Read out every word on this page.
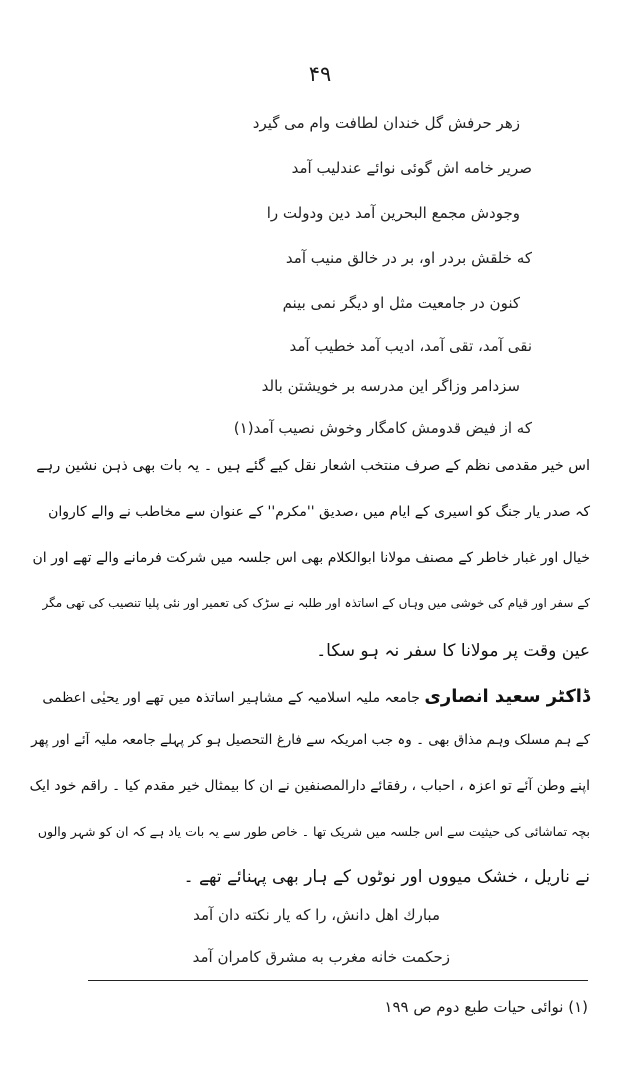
۴۹
زهر حرفش گل خندان لطافت وام می گیرد
صریر خامه اش گوئی نوائے عندلیب آمد
وجودش مجمع البحرین آمد دین ودولت را
که خلقش بردر او، بر در خالق منیب آمد
کنون در جامعیت مثل او دیگر نمی بینم
نقی آمد، تقی آمد، ادیب آمد خطیب آمد
سزدامر وزاگر این مدرسه بر خویشتن بالد
که از فیض قدومش کامگار وخوش نصیب آمد(۱)
اس خیر مقدمی نظم کے صرف منتخب اشعار نقل کیے گئے ہیں ۔ یہ بات بھی ذہن نشین رہے
کہ صدر یار جنگ کو اسیری کے ایام میں ،صدیق ''مکرم'' کے عنوان سے مخاطب نے والے کاروان
خیال اور غبار خاطر کے مصنف مولانا ابوالکلام بھی اس جلسہ میں شرکت فرمانے والے تھے اور ان
کے سفر اور قیام کی خوشی میں وہاں کے اساتذہ اور طلبہ نے سڑک کی تعمیر اور نئی پلیا تنصیب کی تھی مگر
عین وقت پر مولانا کا سفر نہ ہو سکا۔
ڈاکٹر سعید انصاری جامعہ ملیہ اسلامیہ کے مشاہیر اساتذہ میں تھے اور یحیٰی اعظمی
کے ہم مسلک وہم مذاق بھی ۔ وہ جب امریکہ سے فارغ التحصیل ہو کر پہلے جامعہ ملیہ آئے اور پھر
اپنے وطن آئے تو اعزہ ، احباب ، رفقائے دارالمصنفین نے ان کا بیمثال خیر مقدم کیا ۔ راقم خود ایک
بچہ تماشائی کی حیثیت سے اس جلسہ میں شریک تھا ۔ خاص طور سے یہ بات یاد ہے کہ ان کو شہر والوں
نے ناریل ، خشک میووں اور نوٹوں کے ہار بھی پہنائے تھے ۔
مبارك اهل دانش، را كه يار نكته دان آمد
زحکمت خانه مغرب به مشرق کامران آمد
(۱) نوائی حیات طبع دوم ص ۱۹۹
